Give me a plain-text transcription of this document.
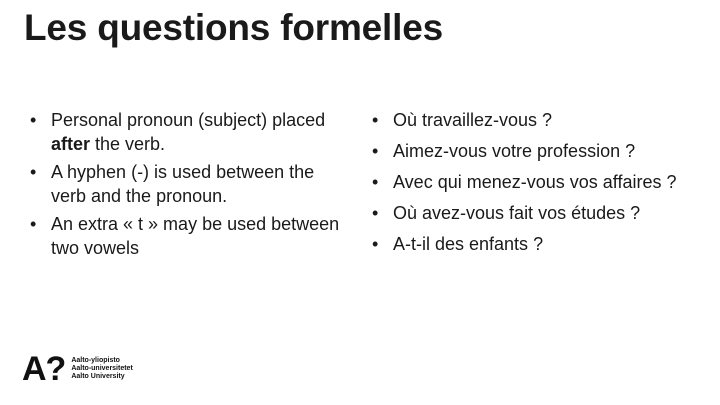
Les questions formelles
• Personal pronoun (subject) placed after the verb.
• A hyphen (-) is used between the verb and the pronoun.
• An extra « t » may be used between two vowels
• Où travaillez-vous ?
• Aimez-vous votre profession ?
• Avec qui menez-vous vos affaires ?
• Où avez-vous fait vos études ?
• A-t-il des enfants ?
A? Aalto-yliopisto
Aalto-universitetet
Aalto University
